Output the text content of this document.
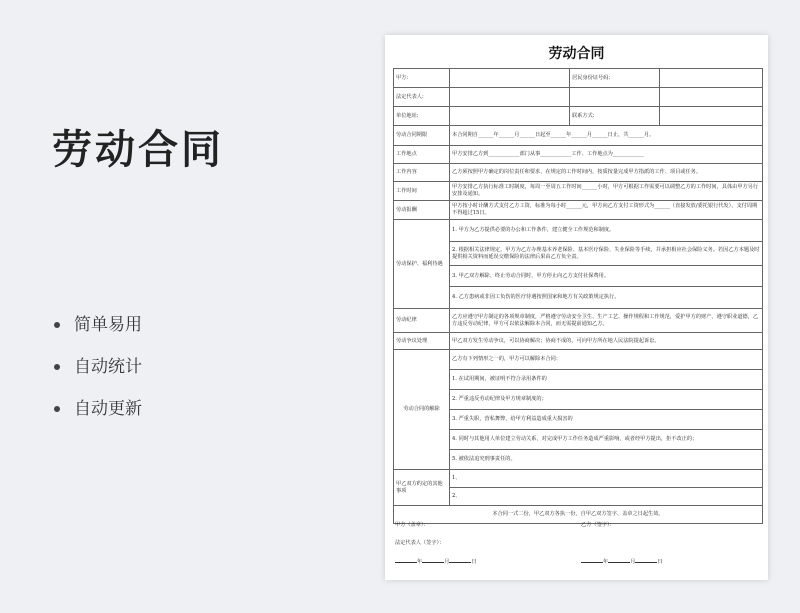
劳动合同
简单易用
自动统计
自动更新
劳动合同
甲方:		居民身份证号码:	
法定代表人:			
单位地址:		联系方式:	
劳动合同期限	本合同期自______年______月______日起至______年______月______日止，共______月。		
工作地点	甲方安排乙方到____________部门从事____________工作、工作地点为____________		
工作内容	乙方须按照甲方确定的岗位责任和要求，在规定的工作时间内，按质按量完成甲方指派的工作、项目或任务。		
工作时间	甲方安排乙方执行标准工时制度，每周一至周五工作时间______小时，甲方可根据工作需要可以调整乙方的工作时间，具体由甲方另行安排及通知。		
劳动报酬	甲方按小时计酬方式支付乙方工资，标准为每小时______元，甲方向乙方支付工资形式为______（直接发放/委托银行代发），支付周期不得超过15日。		
劳动保护、福利待遇	1. 甲方为乙方提供必要的办公和工作条件，建立健全工作规范和制度。		
	2. 根据相关法律规定，甲方为乙方办理基本养老保险、基本医疗保险、失业保险等手续，并承担相应社会保险义务。若因乙方本题及时提供相关资料而延误交缴保险的法律后果由乙方负全责。		
	3. 甲乙双方解除、终止劳动合同时，甲方停止向乙方支付社保费用。		
	4. 乙方患病或非因工负伤的医疗待遇按照国家和地方有关政策规定执行。		
劳动纪律	乙方应遵守甲方制定的各项规章制度，严格遵守劳动安全卫生、生产工艺、操作规程和工作规范，爱护甲方的财产，遵守职业道德，乙方违反劳动纪律，甲方可以依法解除本合同，而无需提前通知乙方。		
劳动争议处理	甲乙双方发生劳动争议，可以协商解决；协商不成的，可向甲方所在地人民法院提起诉讼。		
劳动合同的解除	乙方有下列情形之一的，甲方可以解除本合同：		
	1. 在试用期间，被证明不符合录用条件的		
	2. 严重违反劳动纪律及甲方规章制度的；		
	3. 严重失职，营私舞弊，给甲方利益造成重大损害的		
	4. 同时与其他用人单位建立劳动关系，对完成甲方工作任务造成严重影响，或者经甲方提出，拒不改正的；		
	5. 被依法追究刑事责任的。		
甲乙双方约定的其他事项	1、		
	2、		
本合同一式二份，甲乙双方各执一份，自甲乙双方签字、盖章之日起生效。			
甲方（盖章）：	乙方（签字）：
法定代表人（签字）：
年	月	日	年	月	日
